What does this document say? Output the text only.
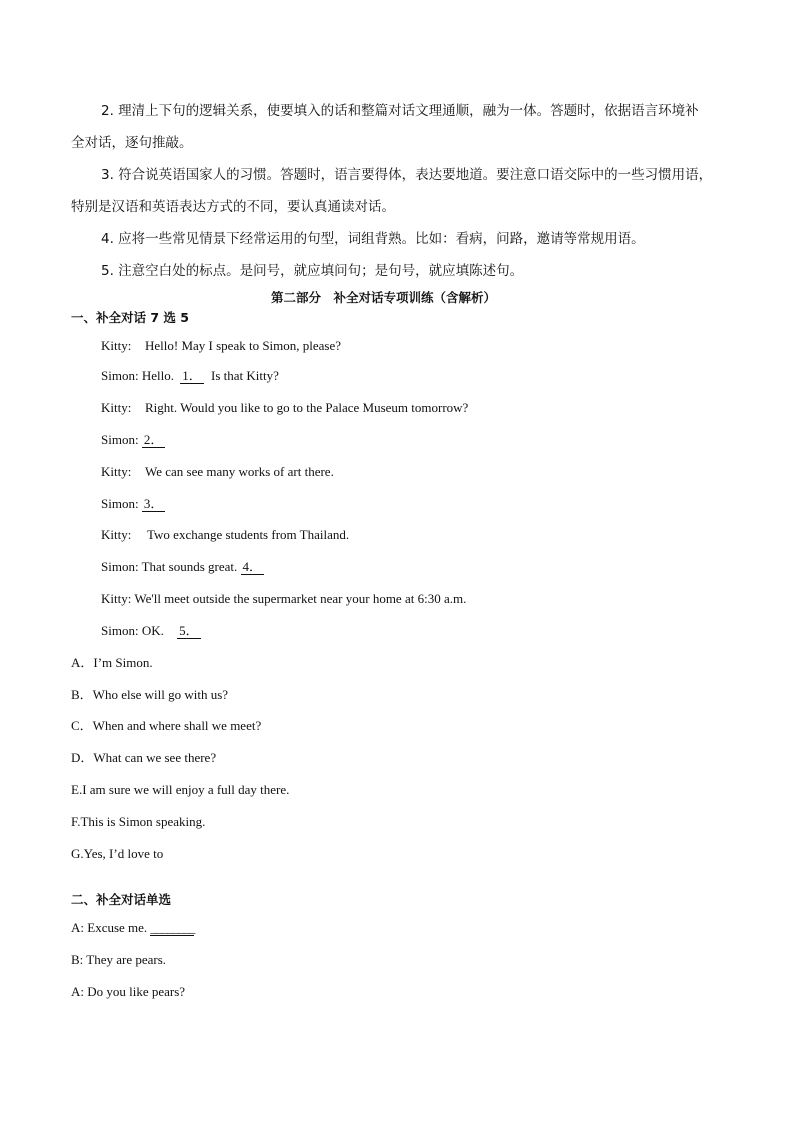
2. 理清上下句的逻辑关系，使要填入的话和整篇对话文理通顺，融为一体。答题时，依据语言环境补
全对话，逐句推敲。
3. 符合说英语国家人的习惯。答题时，语言要得体，表达要地道。要注意口语交际中的一些习惯用语，
特别是汉语和英语表达方式的不同，要认真通读对话。
4. 应将一些常见情景下经常运用的句型，词组背熟。比如：看病，问路，邀请等常规用语。
5. 注意空白处的标点。是问号，就应填问句；是句号，就应填陈述句。
第二部分　补全对话专项训练（含解析）
一、补全对话 7 选 5
Kitty: Hello! May I speak to Simon, please?
Simon: Hello. 1． Is that Kitty?
Kitty: Right. Would you like to go to the Palace Museum tomorrow?
Simon: 2．
Kitty: We can see many works of art there.
Simon: 3．
Kitty: Two exchange students from Thailand.
Simon: That sounds great. 4．
Kitty: We'll meet outside the supermarket near your home at 6:30 a.m.
Simon: OK. 5．
A．I’m Simon.
B．Who else will go with us?
C．When and where shall we meet?
D．What can we see there?
E.I am sure we will enjoy a full day there.
F.This is Simon speaking.
G.Yes, I’d love to
二、补全对话单选
A: Excuse me. ________
B: They are pears.
A: Do you like pears?
